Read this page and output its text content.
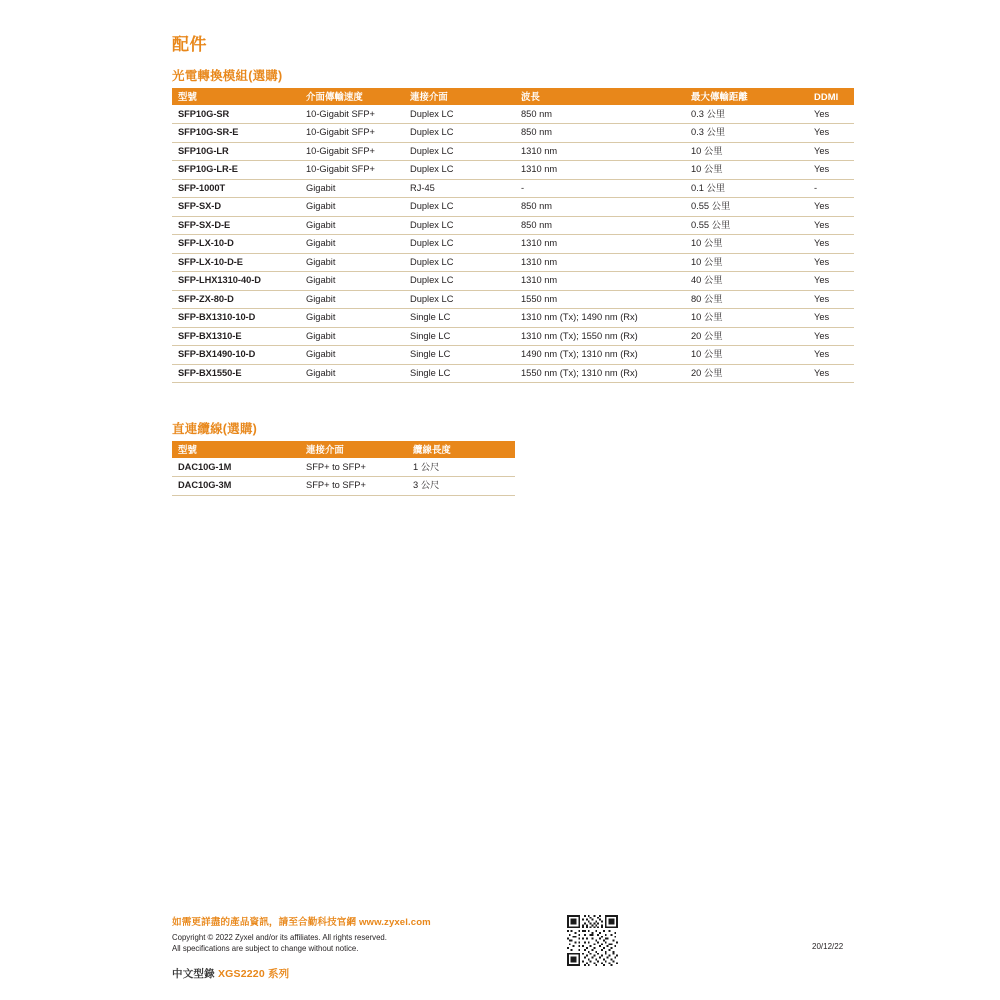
配件
光電轉換模組(選購)
型號	介面傳輸速度	連接介面	波長	最大傳輸距離	DDMI
SFP10G-SR	10-Gigabit SFP+	Duplex LC	850 nm	0.3 公里	Yes
SFP10G-SR-E	10-Gigabit SFP+	Duplex LC	850 nm	0.3 公里	Yes
SFP10G-LR	10-Gigabit SFP+	Duplex LC	1310 nm	10 公里	Yes
SFP10G-LR-E	10-Gigabit SFP+	Duplex LC	1310 nm	10 公里	Yes
SFP-1000T	Gigabit	RJ-45	-	0.1 公里	-
SFP-SX-D	Gigabit	Duplex LC	850 nm	0.55 公里	Yes
SFP-SX-D-E	Gigabit	Duplex LC	850 nm	0.55 公里	Yes
SFP-LX-10-D	Gigabit	Duplex LC	1310 nm	10 公里	Yes
SFP-LX-10-D-E	Gigabit	Duplex LC	1310 nm	10 公里	Yes
SFP-LHX1310-40-D	Gigabit	Duplex LC	1310 nm	40 公里	Yes
SFP-ZX-80-D	Gigabit	Duplex LC	1550 nm	80 公里	Yes
SFP-BX1310-10-D	Gigabit	Single LC	1310 nm (Tx); 1490 nm (Rx)	10 公里	Yes
SFP-BX1310-E	Gigabit	Single LC	1310 nm (Tx); 1550 nm (Rx)	20 公里	Yes
SFP-BX1490-10-D	Gigabit	Single LC	1490 nm (Tx); 1310 nm (Rx)	10 公里	Yes
SFP-BX1550-E	Gigabit	Single LC	1550 nm (Tx); 1310 nm (Rx)	20 公里	Yes
直連纜線(選購)
型號	連接介面	纜線長度
DAC10G-1M	SFP+ to SFP+	1 公尺
DAC10G-3M	SFP+ to SFP+	3 公尺
如需更詳盡的產品資訊，請至合勤科技官網 www.zyxel.com
Copyright © 2022 Zyxel and/or its affiliates. All rights reserved.
All specifications are subject to change without notice.
中文型錄 XGS2220 系列
20/12/22
